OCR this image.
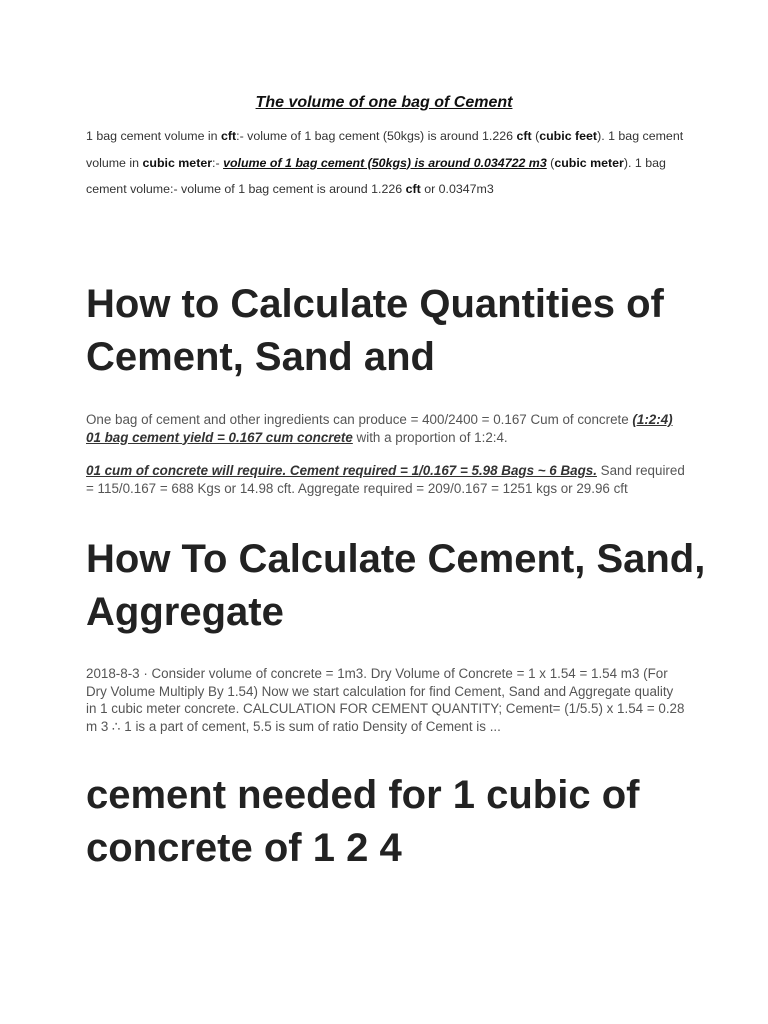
The volume of one bag of Cement
1 bag cement volume in cft:- volume of 1 bag cement (50kgs) is around 1.226 cft (cubic feet). 1 bag cement volume in cubic meter:- volume of 1 bag cement (50kgs) is around 0.034722 m3 (cubic meter). 1 bag cement volume:- volume of 1 bag cement is around 1.226 cft or 0.0347m3
How to Calculate Quantities of Cement, Sand and
One bag of cement and other ingredients can produce = 400/2400 = 0.167 Cum of concrete (1:2:4) 01 bag cement yield = 0.167 cum concrete with a proportion of 1:2:4.
01 cum of concrete will require. Cement required = 1/0.167 = 5.98 Bags ~ 6 Bags. Sand required = 115/0.167 = 688 Kgs or 14.98 cft. Aggregate required = 209/0.167 = 1251 kgs or 29.96 cft
How To Calculate Cement, Sand, Aggregate
2018-8-3 · Consider volume of concrete = 1m3. Dry Volume of Concrete = 1 x 1.54 = 1.54 m3 (For Dry Volume Multiply By 1.54) Now we start calculation for find Cement, Sand and Aggregate quality in 1 cubic meter concrete. CALCULATION FOR CEMENT QUANTITY; Cement= (1/5.5) x 1.54 = 0.28 m 3 ∴ 1 is a part of cement, 5.5 is sum of ratio Density of Cement is ...
cement needed for 1 cubic of concrete of 1 2 4
